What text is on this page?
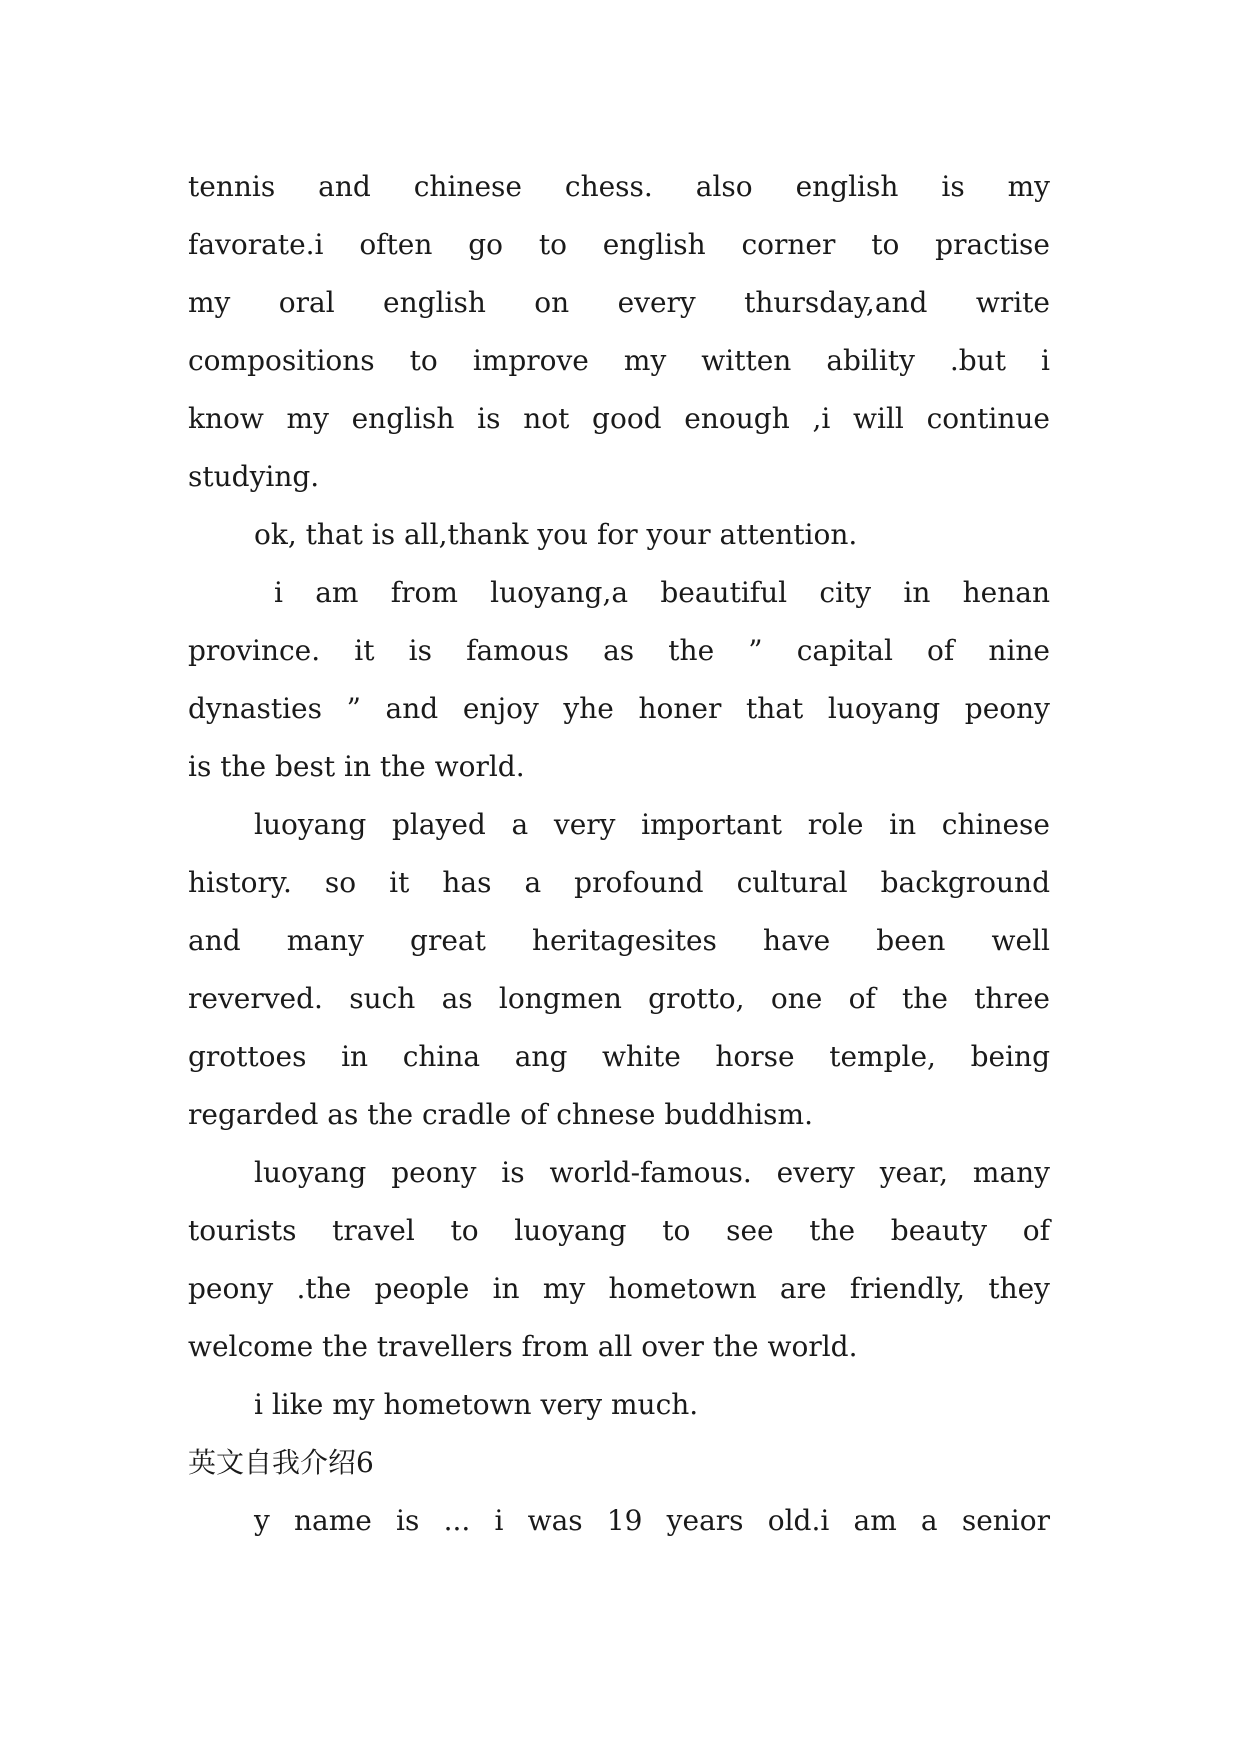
tennis and chinese chess. also english is my
favorate.i often go to english corner to practise
my oral english on every thursday,and write
compositions to improve my witten ability .but i
know my english is not good enough ,i will continue
studying.
ok, that is all,thank you for your attention.
i am from luoyang,a beautiful city in henan
province. it is famous as the ” capital of nine
dynasties ” and enjoy yhe honer that luoyang peony
is the best in the world.
luoyang played a very important role in chinese
history. so it has a profound cultural background
and many great heritagesites have been well
reverved. such as longmen grotto, one of the three
grottoes in china ang white horse temple, being
regarded as the cradle of chnese buddhism.
luoyang peony is world-famous. every year, many
tourists travel to luoyang to see the beauty of
peony .the people in my hometown are friendly, they
welcome the travellers from all over the world.
i like my hometown very much.
英文自我介绍6
y name is ... i was 19 years old.i am a senior
